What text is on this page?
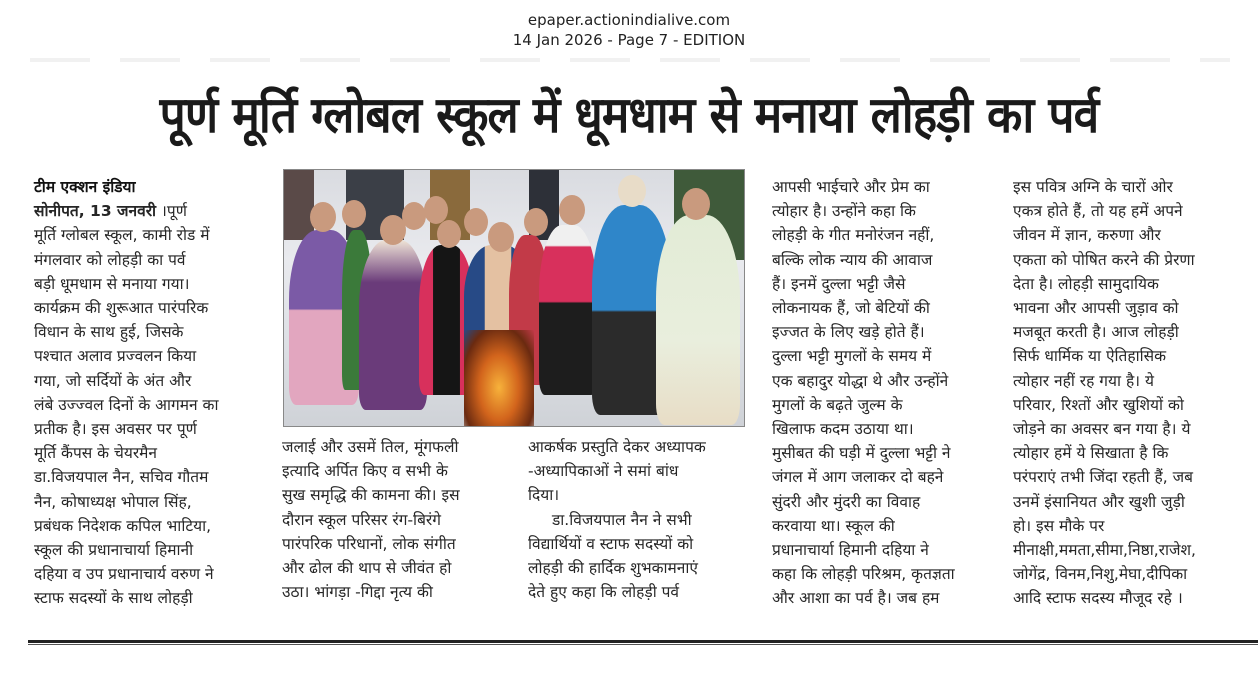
epaper.actionindialive.com
14 Jan 2026 - Page 7 - EDITION
पूर्ण मूर्ति ग्लोबल स्कूल में धूमधाम से मनाया लोहड़ी का पर्व
टीम एक्शन इंडिया
सोनीपत, 13 जनवरी ।पूर्ण
मूर्ति ग्लोबल स्कूल, कामी रोड में
मंगलवार को लोहड़ी का पर्व
बड़ी धूमधाम से मनाया गया।
कार्यक्रम की शुरूआत पारंपरिक
विधान के साथ हुई, जिसके
पश्चात अलाव प्रज्वलन किया
गया, जो सर्दियों के अंत और
लंबे उज्ज्वल दिनों के आगमन का
प्रतीक है। इस अवसर पर पूर्ण
मूर्ति कैंपस के चेयरमैन
डा.विजयपाल नैन, सचिव गौतम
नैन, कोषाध्यक्ष भोपाल सिंह,
प्रबंधक निदेशक कपिल भाटिया,
स्कूल की प्रधानाचार्या हिमानी
दहिया व उप प्रधानाचार्य वरुण ने
स्टाफ सदस्यों के साथ लोहड़ी
जलाई और उसमें तिल, मूंगफली
इत्यादि अर्पित किए व सभी के
सुख समृद्धि की कामना की। इस
दौरान स्कूल परिसर रंग-बिरंगे
पारंपरिक परिधानों, लोक संगीत
और ढोल की थाप से जीवंत हो
उठा। भांगड़ा -गिद्दा नृत्य की
आकर्षक प्रस्तुति देकर अध्यापक
-अध्यापिकाओं ने समां बांध
दिया।
डा.विजयपाल नैन ने सभी
विद्यार्थियों व स्टाफ सदस्यों को
लोहड़ी की हार्दिक शुभकामनाएं
देते हुए कहा कि लोहड़ी पर्व
आपसी भाईचारे और प्रेम का
त्योहार है। उन्होंने कहा कि
लोहड़ी के गीत मनोरंजन नहीं,
बल्कि लोक न्याय की आवाज
हैं। इनमें दुल्ला भट्टी जैसे
लोकनायक हैं, जो बेटियों की
इज्जत के लिए खड़े होते हैं।
दुल्ला भट्टी मुगलों के समय में
एक बहादुर योद्धा थे और उन्होंने
मुगलों के बढ़ते जुल्म के
खिलाफ कदम उठाया था।
मुसीबत की घड़ी में दुल्ला भट्टी ने
जंगल में आग जलाकर दो बहने
सुंदरी और मुंदरी का विवाह
करवाया था। स्कूल की
प्रधानाचार्या हिमानी दहिया ने
कहा कि लोहड़ी परिश्रम, कृतज्ञता
और आशा का पर्व है। जब हम
इस पवित्र अग्नि के चारों ओर
एकत्र होते हैं, तो यह हमें अपने
जीवन में ज्ञान, करुणा और
एकता को पोषित करने की प्रेरणा
देता है। लोहड़ी सामुदायिक
भावना और आपसी जुड़ाव को
मजबूत करती है। आज लोहड़ी
सिर्फ धार्मिक या ऐतिहासिक
त्योहार नहीं रह गया है। ये
परिवार, रिश्तों और खुशियों को
जोड़ने का अवसर बन गया है। ये
त्योहार हमें ये सिखाता है कि
परंपराएं तभी जिंदा रहती हैं, जब
उनमें इंसानियत और खुशी जुड़ी
हो। इस मौके पर
मीनाक्षी,ममता,सीमा,निष्ठा,राजेश,
जोगेंद्र, विनम,निशु,मेघा,दीपिका
आदि स्टाफ सदस्य मौजूद रहे ।
